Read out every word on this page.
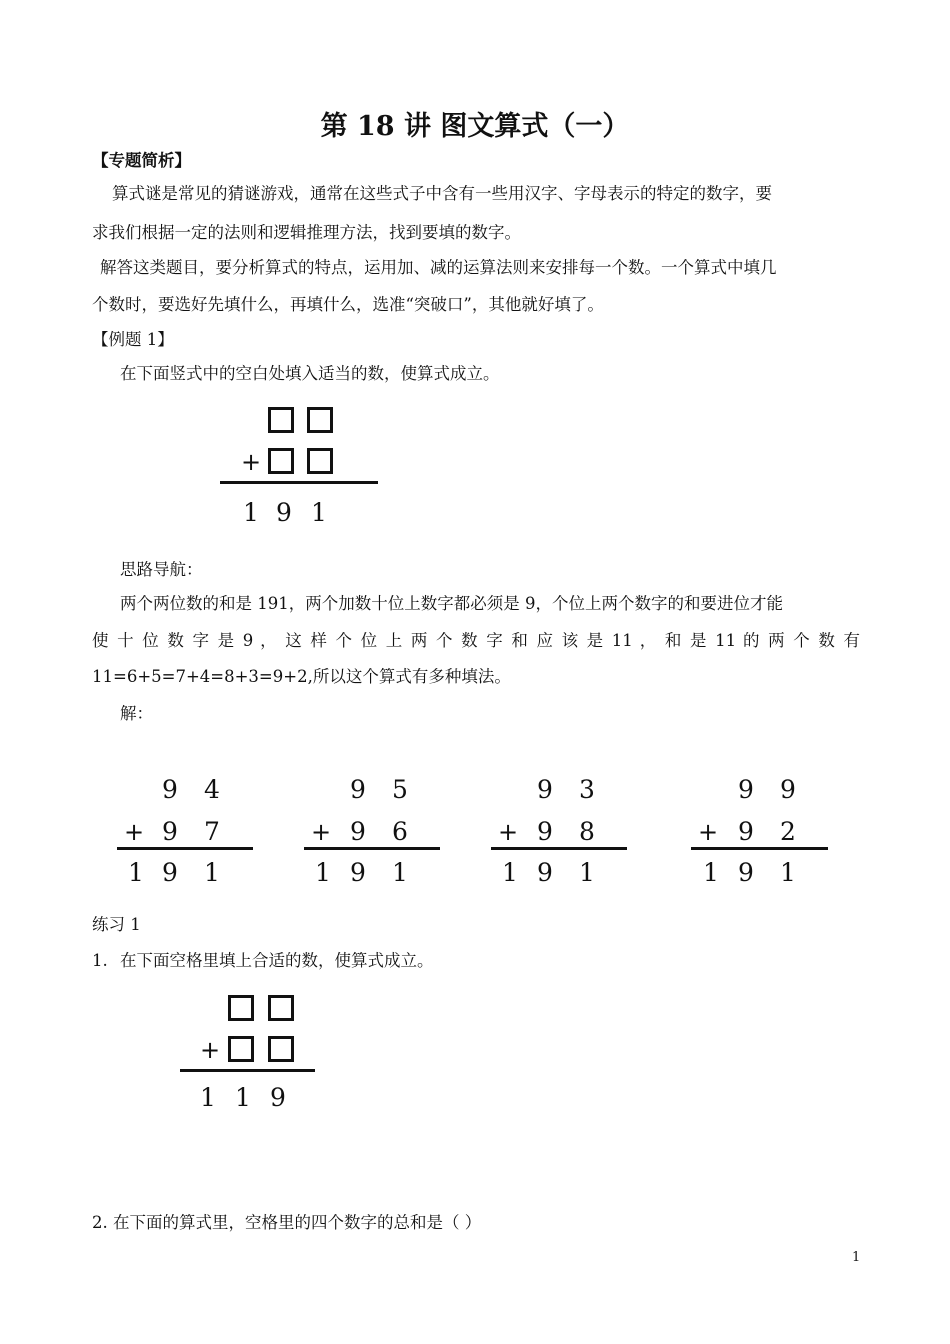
第 18 讲 图文算式（一）
【专题简析】
算式谜是常见的猜谜游戏，通常在这些式子中含有一些用汉字、字母表示的特定的数字，要
求我们根据一定的法则和逻辑推理方法，找到要填的数字。
解答这类题目，要分析算式的特点，运用加、减的运算法则来安排每一个数。一个算式中填几
个数时，要选好先填什么，再填什么，选准“突破口”，其他就好填了。
【例题 1】
在下面竖式中的空白处填入适当的数，使算式成立。
+
1 9 1
思路导航：
两个两位数的和是 191，两个加数十位上数字都必须是 9，个位上两个数字的和要进位才能
使 十 位 数 字 是 9 ， 这 样 个 位 上 两 个 数 字 和 应 该 是 11 ， 和 是 11 的 两 个 数 有
11=6+5=7+4=8+3=9+2,所以这个算式有多种填法。
解：
9 4
+ 9 7
1 9 1
9 5
+ 9 6
1 9 1
9 3
+ 9 8
1 9 1
9 9
+ 9 2
1 9 1
练习 1
1. 在下面空格里填上合适的数，使算式成立。
+
1 1 9
2. 在下面的算式里，空格里的四个数字的总和是（ ）
1
